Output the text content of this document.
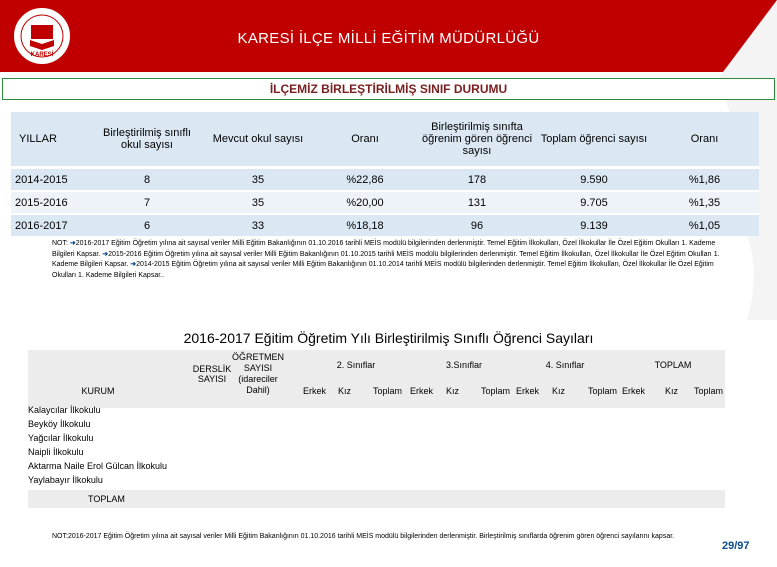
KARESİ
KARESİ İLÇE MİLLİ EĞİTİM MÜDÜRLÜĞÜ
İLÇEMİZ BİRLEŞTİRİLMİŞ SINIF DURUMU
YILLAR	Birleştirilmiş sınıflı okul sayısı	Mevcut okul sayısı	Oranı	Birleştirilmiş sınıfta öğrenim gören öğrenci sayısı	Toplam öğrenci sayısı	Oranı
2014-2015	8	35	%22,86	178	9.590	%1,86
2015-2016	7	35	%20,00	131	9.705	%1,35
2016-2017	6	33	%18,18	96	9.139	%1,05
NOT: ➜2016-2017 Eğitim Öğretim yılına ait sayısal veriler Milli Eğitim Bakanlığının 01.10.2016 tarihli MEİS modülü bilgilerinden derlenmiştir. Temel Eğitim İlkokulları, Özel İlkokullar İle Özel Eğitim Okulları 1. Kademe Bilgileri Kapsar. ➜2015-2016 Eğitim Öğretim yılına ait sayısal veriler Milli Eğitim Bakanlığının 01.10.2015 tarihli MEİS modülü bilgilerinden derlenmiştir. Temel Eğitim İlkokulları, Özel İlkokullar İle Özel Eğitim Okulları 1. Kademe Bilgileri Kapsar. ➜2014-2015 Eğitim Öğretim yılına ait sayısal veriler Milli Eğitim Bakanlığının 01.10.2014 tarihli MEİS modülü bilgilerinden derlenmiştir. Temel Eğitim İlkokulları, Özel İlkokullar İle Özel Eğitim Okulları 1. Kademe Bilgileri Kapsar..
2016-2017 Eğitim Öğretim Yılı Birleştirilmiş Sınıflı Öğrenci Sayıları
KURUM
DERSLİK SAYISI
ÖĞRETMEN SAYISI (idareciler Dahil)
2. Sınıflar	3.Sınıflar	4. Sınıflar	TOPLAM
Erkek Kız Toplam Erkek Kız Toplam Erkek Kız	Toplam Erkek Kız Toplam
Kalaycılar İlkokulu
Beyköy İlkokulu
Yağcılar İlkokulu
Naipli İlkokulu
Aktarma Naile Erol Gülcan İlkokulu
Yaylabayır İlkokulu
TOPLAM
NOT:2016-2017 Eğitim Öğretim yılına ait sayısal veriler Milli Eğitim Bakanlığının 01.10.2016 tarihli MEİS modülü bilgilerinden derlenmiştir. Birleştirilmiş sınıflarda öğrenim gören öğrenci sayılarını kapsar.
29/97
